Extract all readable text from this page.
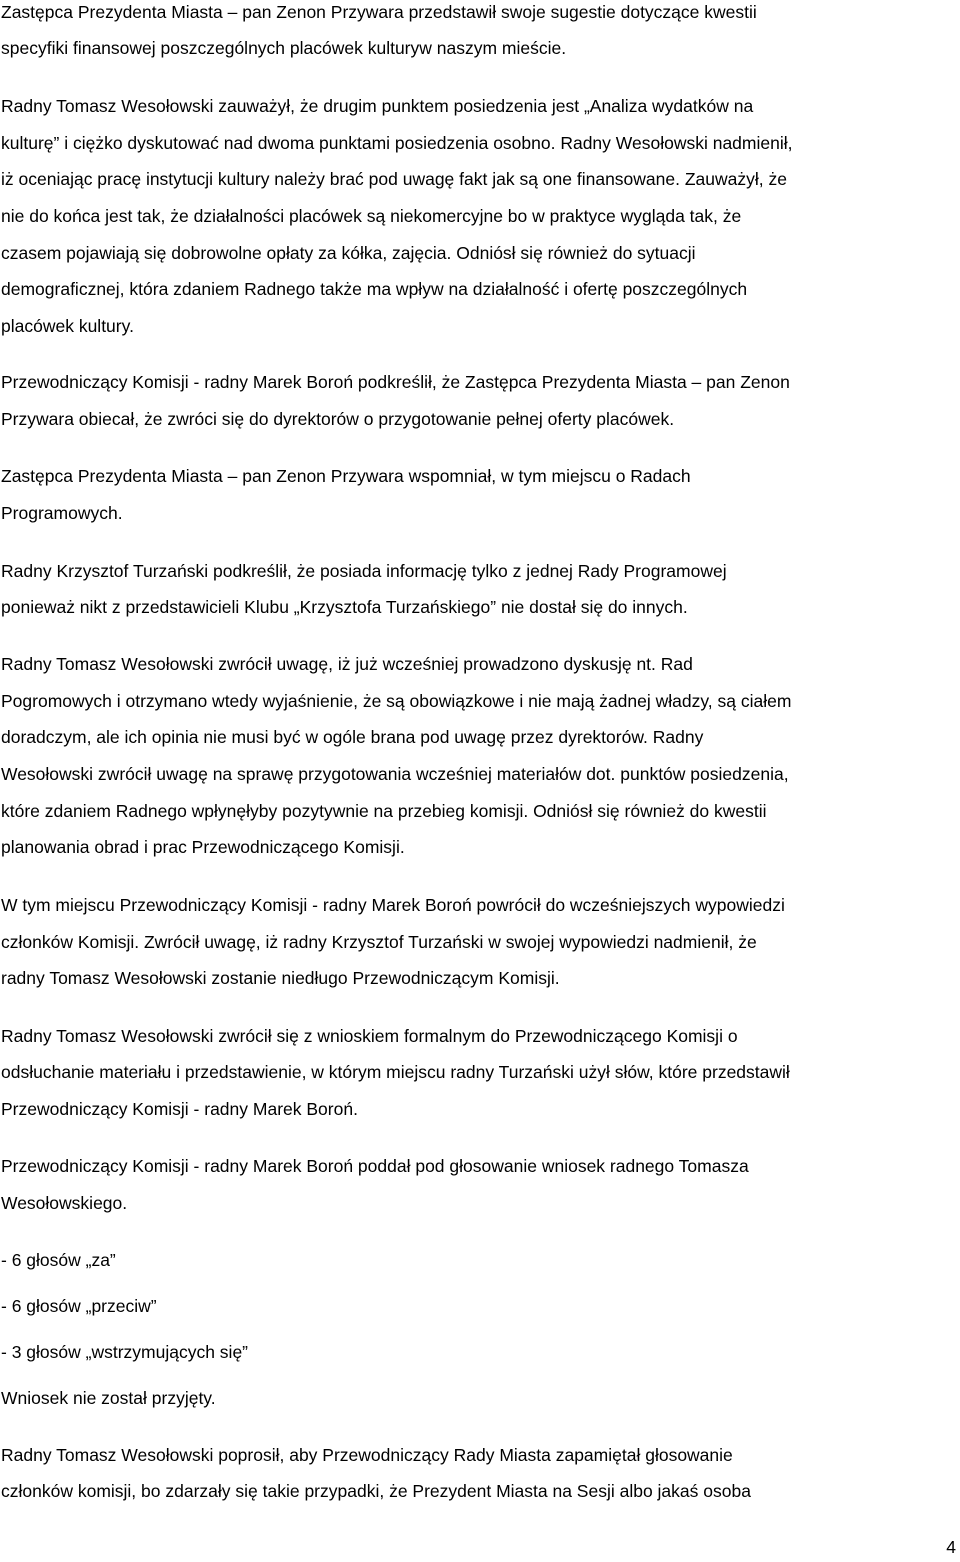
Zastępca Prezydenta Miasta – pan Zenon Przywara przedstawił swoje sugestie dotyczące kwestii
specyfiki finansowej poszczególnych placówek kulturyw naszym mieście.
Radny Tomasz Wesołowski zauważył, że drugim punktem posiedzenia jest „Analiza wydatków na
kulturę” i ciężko dyskutować nad dwoma punktami posiedzenia osobno. Radny Wesołowski nadmienił,
iż oceniając pracę instytucji kultury należy brać pod uwagę fakt jak są one finansowane. Zauważył, że
nie do końca jest tak, że działalności placówek są niekomercyjne bo w praktyce wygląda tak, że
czasem pojawiają się dobrowolne opłaty za kółka, zajęcia. Odniósł się również do sytuacji
demograficznej, która zdaniem Radnego także ma wpływ na działalność i ofertę poszczególnych
placówek kultury.
Przewodniczący Komisji - radny Marek Boroń podkreślił, że Zastępca Prezydenta Miasta – pan Zenon
Przywara obiecał, że zwróci się do dyrektorów o przygotowanie pełnej oferty placówek.
Zastępca Prezydenta Miasta – pan Zenon Przywara wspomniał, w tym miejscu o Radach
Programowych.
Radny Krzysztof Turzański podkreślił, że posiada informację tylko z jednej Rady Programowej
ponieważ nikt z przedstawicieli Klubu „Krzysztofa Turzańskiego” nie dostał się do innych.
Radny Tomasz Wesołowski zwrócił uwagę, iż już wcześniej prowadzono dyskusję nt. Rad
Pogromowych i otrzymano wtedy wyjaśnienie, że są obowiązkowe i nie mają żadnej władzy, są ciałem
doradczym, ale ich opinia nie musi być w ogóle brana pod uwagę przez dyrektorów. Radny
Wesołowski zwrócił uwagę na sprawę przygotowania wcześniej materiałów dot. punktów posiedzenia,
które zdaniem Radnego wpłynęłyby pozytywnie na przebieg komisji. Odniósł się również do kwestii
planowania obrad i prac Przewodniczącego Komisji.
W tym miejscu Przewodniczący Komisji - radny Marek Boroń powrócił do wcześniejszych wypowiedzi
członków Komisji. Zwrócił uwagę, iż radny Krzysztof Turzański w swojej wypowiedzi nadmienił, że
radny Tomasz Wesołowski zostanie niedługo Przewodniczącym Komisji.
Radny Tomasz Wesołowski zwrócił się z wnioskiem formalnym do Przewodniczącego Komisji o
odsłuchanie materiału i przedstawienie, w którym miejscu radny Turzański użył słów, które przedstawił
Przewodniczący Komisji - radny Marek Boroń.
Przewodniczący Komisji - radny Marek Boroń poddał pod głosowanie wniosek radnego Tomasza
Wesołowskiego.
- 6 głosów „za”
- 6 głosów „przeciw”
- 3 głosów „wstrzymujących się”
Wniosek nie został przyjęty.
Radny Tomasz Wesołowski poprosił, aby Przewodniczący Rady Miasta zapamiętał głosowanie
członków komisji, bo zdarzały się takie przypadki, że Prezydent Miasta na Sesji albo jakaś osoba
4
